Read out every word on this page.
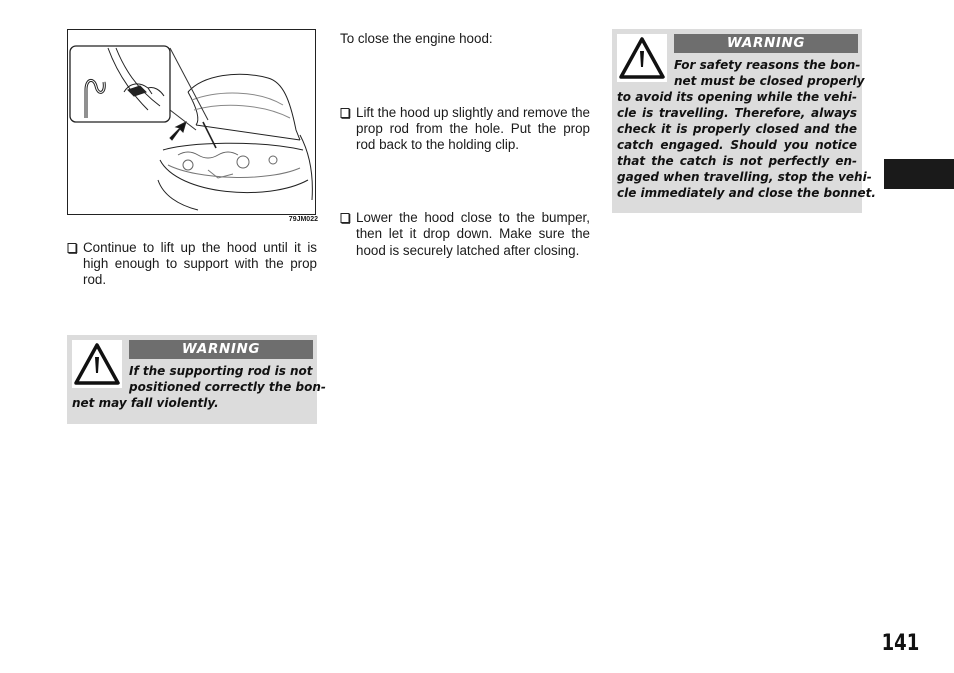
79JM022
Continue to lift up the hood until it is high enough to support with the prop rod.
WARNING
If the supporting rod is not
positioned correctly the bon-
net may fall violently.
To close the engine hood:
Lift the hood up slightly and remove the prop rod from the hole. Put the prop rod back to the holding clip.
Lower the hood close to the bumper, then let it drop down. Make sure the hood is securely latched after closing.
WARNING
For safety reasons the bon-
net must be closed properly
to avoid its opening while the vehi-
cle is travelling. Therefore, always
check it is properly closed and the
catch engaged. Should you notice
that the catch is not perfectly en-
gaged when travelling, stop the vehi-
cle immediately and close the bonnet.
141
